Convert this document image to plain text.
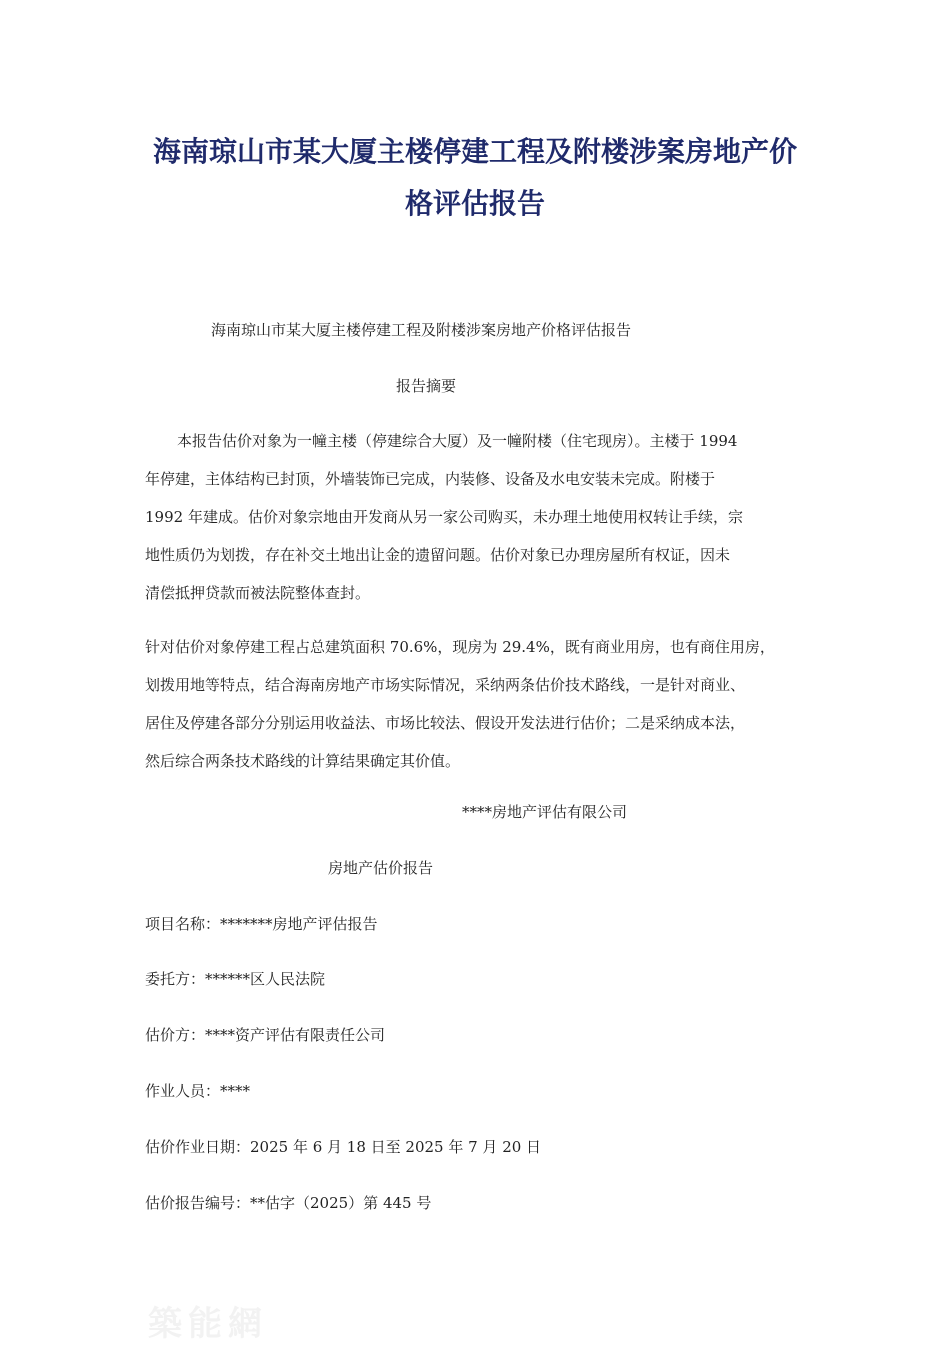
海南琼山市某大厦主楼停建工程及附楼涉案房地产价
格评估报告

海南琼山市某大厦主楼停建工程及附楼涉案房地产价格评估报告

报告摘要

本报告估价对象为一幢主楼（停建综合大厦）及一幢附楼（住宅现房）。主楼于 1994
年停建，主体结构已封顶，外墙装饰已完成，内装修、设备及水电安装未完成。附楼于
1992 年建成。估价对象宗地由开发商从另一家公司购买，未办理土地使用权转让手续，宗
地性质仍为划拨，存在补交土地出让金的遗留问题。估价对象已办理房屋所有权证，因未
清偿抵押贷款而被法院整体查封。
针对估价对象停建工程占总建筑面积 70.6%，现房为 29.4%，既有商业用房，也有商住用房，
划拨用地等特点，结合海南房地产市场实际情况，采纳两条估价技术路线，一是针对商业、
居住及停建各部分分别运用收益法、市场比较法、假设开发法进行估价；二是采纳成本法，
然后综合两条技术路线的计算结果确定其价值。

****房地产评估有限公司

房地产估价报告

项目名称：*******房地产评估报告

委托方：******区人民法院

估价方：****资产评估有限责任公司

作业人员：****

估价作业日期：2025 年 6 月 18 日至 2025 年 7 月 20 日

估价报告编号：**估字（2025）第 445 号

築能網
